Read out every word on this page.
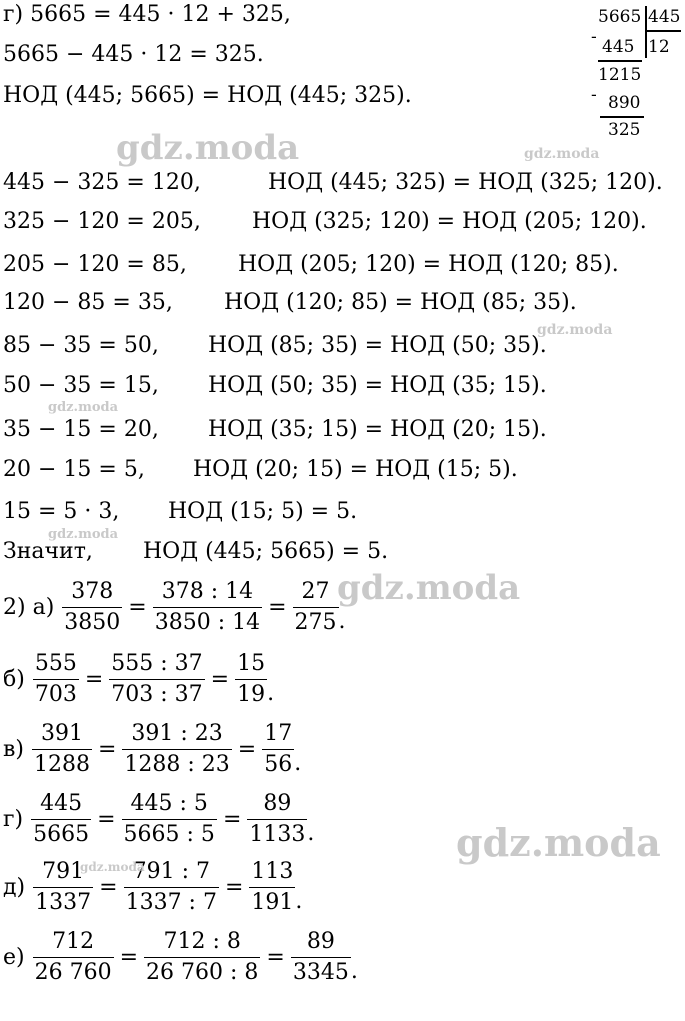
г) 5665 = 445 · 12 + 325,
5665 − 445 · 12 = 325.
НОД (445; 5665) = НОД (445; 325).
5665 445
12
- 445
1215
- 890
325
445 − 325 = 120,	НОД (445; 325) = НОД (325; 120).
325 − 120 = 205, НОД (325; 120) = НОД (205; 120).
205 − 120 = 85, НОД (205; 120) = НОД (120; 85).
120 − 85 = 35, НОД (120; 85) = НОД (85; 35).
85 − 35 = 50, НОД (85; 35) = НОД (50; 35).
50 − 35 = 15, НОД (50; 35) = НОД (35; 15).
35 − 15 = 20, НОД (35; 15) = НОД (20; 15).
20 − 15 = 5, НОД (20; 15) = НОД (15; 5).
15 = 5 · 3, НОД (15; 5) = 5.
Значит, НОД (445; 5665) = 5.
2) $а) \frac{378}{3850} = \frac{378 : 14}{3850 : 14} = \frac{27}{275}$ .
$б) \frac{555}{703} = \frac{555 : 37}{703 : 37} = \frac{15}{19}$ .
$в) \frac{391}{1288} = \frac{391 : 23}{1288 : 23} = \frac{17}{56}$ .
$г) \frac{445}{5665} = \frac{445 : 5}{5665 : 5} = \frac{89}{1133}$ .
$д) \frac{791}{1337} = \frac{791 : 7}{1337 : 7} = \frac{113}{191}$ .
$е) \frac{712}{26 760} = \frac{712 : 8}{26 760 : 8} = \frac{89}{3345}$ .
gdz.moda	gdz.moda
gdz.moda
gdz.moda
gdz.moda
gdz.moda
gdz.moda
gdz.moda
